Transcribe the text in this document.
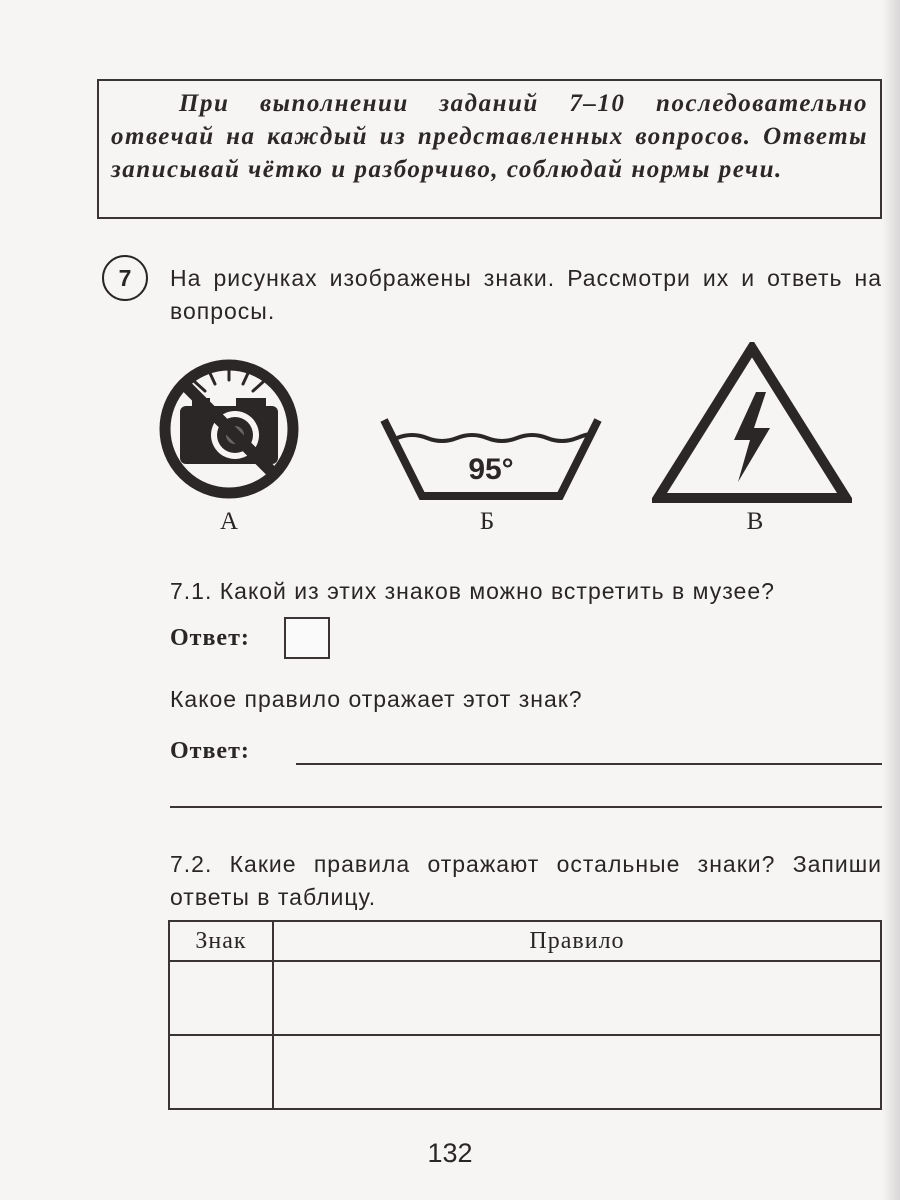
При выполнении заданий 7–10 последовательно отвечай на каждый из представленных вопросов. Ответы записывай чётко и разборчиво, соблюдай нормы речи.
7	На рисунках изображены знаки. Рассмотри их и ответь на вопросы.
А
95°
Б	В
7.1. Какой из этих знаков можно встретить в музее?
Ответ:
Какое правило отражает этот знак?
Ответ:
7.2. Какие правила отражают остальные знаки? Запиши ответы в таблицу.
Знак	Правило

132
